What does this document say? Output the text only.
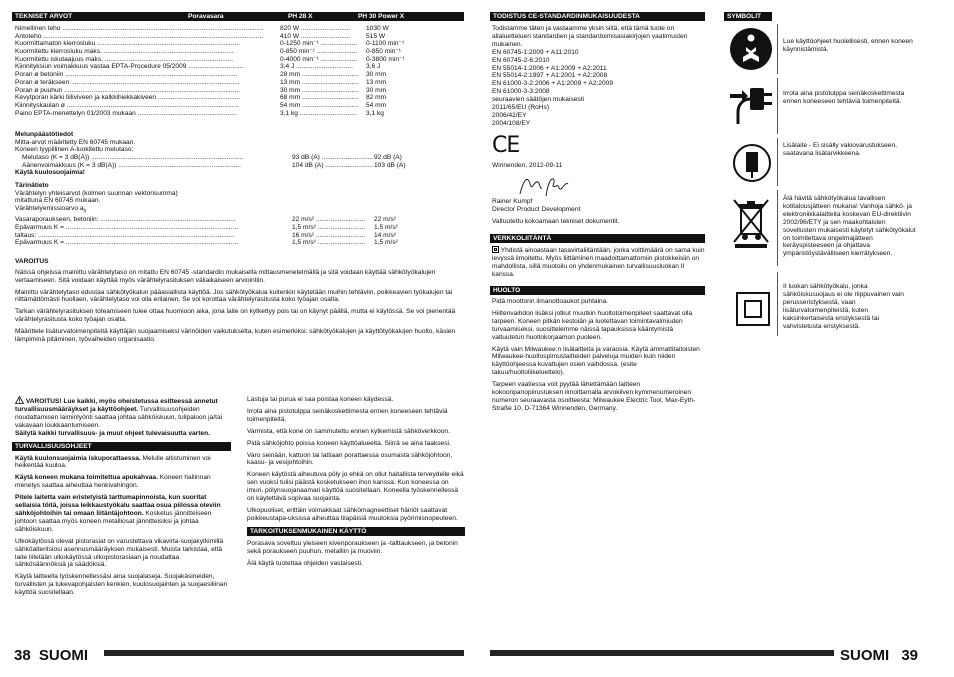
TEKNISET ARVOT	Poravasara	PH 28 X	PH 30 Power X
Nimellinen teho ..............................................................................................................	820 W ...........................	1030 W
Antoteho ........................................................................................................................	410 W ...........................	515 W
Kuormittamaton kierrosluku ..............................................................................	0-1250 min⁻¹ ....................	0-1100 min⁻¹
Kuormitettu kierrosluku maks. .......................................................................	0-850 min⁻¹ ......................	0-850 min⁻¹
Kuormitettu iskutaajuus maks. ......................................................................	0-4000 min⁻¹ ....................	0-3800 min⁻¹
Kiinnityksiun voimakkuus vastaa EPTA-Procedure 05/2009 ..............................	3,4 J ...............................	3,6 J
Poran ø betoniin ..............................................................................................	28 mm ...............................	30 mm
Poran ø teräkseen ............................................................................................	13 mm ...............................	13 mm
Poran ø puuhun ................................................................................................	30 mm ...............................	30 mm
Kevytporan kärki tiiliviveen ja kalkkihiekkakiveen .............................................	68 mm ...............................	82 mm
Kiinnityskaulan ø ..............................................................................................	54 mm ...............................	54 mm
Paino EPTA-menettelyn 01/2003 mukaan ......................................................	3,1 kg ...............................	3,1 kg
Melunpäästötiedot
Mitta-arvot määritetty EN 60745 mukaan.
Koneen tyypillinen A-luokitettu melutaso:
Melutaso (K = 3 dB(A)) ...................................................................................	93 dB (A) ............................ 92 dB (A)
Äänenvoimakkuus (K = 3 dB(A)) ...................................................................	104 dB (A) .......................... 103 dB (A)
Käytä kuulosuojaimia!
Tärinätieto
Värähtelyn yhteisarvot (kolmen suunnan vektorisumma)
mitattuna EN 60745 mukaan.
Värähtelyemissioarvo $a_h$
Vasaraporaukseen, betoniin: ..........................................................................	22 m/s² ...........................	22 m/s²
Epävarmuus K = ..............................................................................................	1,5 m/s² ..........................	1,5 m/s²
taltaus: ...........................................................................................................	16 m/s² ...........................	14 m/s²
Epävarmuus K = ..............................................................................................	1,5 m/s² ..........................	1,5 m/s²
VAROITUS
Näissä ohjeissa mainittu värähtelytaso on mitattu EN 60745 -standardin mukaisella mittausmenetelmällä ja sitä voidaan käyttää sähkötyökalujen vertaamiseen. Sitä voidaan käyttää myös värähtelyrasituksen väliaikaiseen arviointiin.
Mainittu värähtelytaso edustaa sähkötyökalun pääasiallista käyttöä. Jos sähkötyökalua kuitenkin käytetään muihin tehtäviin, poikkeavien työkalujen tai riittämättömästi huollaen, värähtelytaso voi olla erilainen. Se voi korottaa värähtelyrasitusta koko työajan osalta.
Tarkan värähtelyrasituksen toteamiseen tulee ottaa huomioon aika, jona laite on kytkettyy pois tai on käynyt päällä, mutta ei käytössä. Se voi pienentää värähtelyrasitusta koko työajan osalta.
Määrittele lisäturvatoimenpiteitä käyttäjän suojaamiseksi värinöiden vaikutukselta, kuten esimerkiksi: sähkötyökalujen ja käyttötyökalujen huolto, käsien lämpiminä pitäminen, työvaiheiden organisaatio.
VAROITUS! Lue kaikki, myös oheistetussa esitteessä annetut turvallisuusmääräykset ja käyttöohjeet. Turvallisuusohjeiden noudattamisen laiminlyönti saattaa johtaa sähköiskuun, tulipaloon ja/tai vakavaan loukkaantumiseen.
Säilytä kaikki turvallisuus- ja muut ohjeet tulevaisuutta varten.
TURVALLISUUSOHJEET
Käytä kuulonsuojaimia iskuporattaessa. Melulle altistuminen voi heikentää kuuloa.
Käytä koneen mukana toimitettua apukahvaa. Koneen hallinnan menetys saattaa aiheuttaa henkivahingon.
Pitele laitetta vain eristetyistä tarttumapinnoista, kun suoritat sellaisia töitä, joissa leikkaustyökalu saattaa osua piilossa oleviin sähköjohtoihin tai omaan liitäntäjohtoon. Kosketus jännitteiseen johtoon saattaa myös koneen metalliosat jännitteisiksi ja johtaa sähköiskuun.
Ulkokäytössä olevat pistorasiat on varustettava vikavirta-suojakytkimillä sähköalteritsiosi asennusmääräyksen mukaisesti. Muista tarkistaa, että laite liitetään ulkokäytössä ulkopistorasiaan ja noudattaa sähkösäännöksiä ja säädöksiä.
Käytä laitteella työskennellessäsi aina suojalaseja. Suojakäsineiden, turvallisten ja tukevapohjaisten kenkien, kuulosuojainten ja suojaesiliinan käyttöä suositellaan.
Lastuja tai purua ei saa poistaa koneen käydessä.
Irrota aina pistotulppa seinäkoskettimesta ennen koneeseen tehtäviä toimenpiteitä.
Varmista, että kone on sammutettu ennen kytkemistä sähköverkkoon.
Pidä sähköjohto poissa koneen käyttöalueelta. Siirrä se aina taaksesi.
Varo seinään, kattoon tai lattiaan porattaessa osumasta sähköjohtoon, kaasu- ja vesijohtoihin.
Koneen käytöstä aiheutuva pöly jo ehkä on ollut haitallista terveydelle eikä sen vuoksi tulisi päästä kosketukseen ihon kanssa. Kun koneessa on imuri, pölynsuojanaamari käyttöä suositellaan. Koneella työskennellessä on käytettävä sopivaa suojainta.
Ulkopuoliset, erittäin voimakkaat sähkömagneettiset häiriöt saattavat poikkeustapa-uksissa aiheuttaa tilapäisiä muutoksia pyörimisnopeuteen.
TARKOITUKSENMUKAINEN KÄYTTÖ
Porasava soveltuu yleiseen kivenporaukseen ja -talttaukseen, ja betonin sekä poraukseen puuhun, metalliin ja muoviin.
Älä käytä tuotettaa ohjeiden vastaisesti.
38 SUOMI
TODISTUS CE-STANDARDINMUKAISUUDESTA
Todistamme täten ja vastaamme yksin siitä, että tämä tuote on allaluetteluen standardien ja standardoimisasiakirjojen vaatimusten mukainen.
EN 60745-1:2009 + A11:2010
EN 60745-2-6:2010
EN 55014-1:2006 + A1:2009 + A2:2011
EN 55014-2:1997 + A1:2001 + A2:2008
EN 61000-3-2:2006 + A1:2009 + A2:2009
EN 61000-3-3:2008
seuraavien säätöjen mukaisesti
2011/65/EU (RoHs)
2006/42/EY
2004/108/EY
CE
Winnenden, 2012-09-11
Rainer Kumpf
Director Product Development
Valtuutettu kokoamaan tekniset dokumentit.
VERKKOLIITÄNTÄ
Yhdistä ainoastaan tasavirtaliitäntään, jonka volttimäärä on sama kuin levyssä ilmoitettu. Myös liittäminen maadoittamattomiin pistokkeisiin on mahdollista, sillä muotoilu on yhdenmukainen turvallisuusluokan II kanssa.
HUOLTO
Pidä moottorin ilmanottoaukot puhtaina.
Hiiltenvaihdon lisäksi jotkut muutkin huoltotoimenpiteet saattavat olla tarpeen. Koneen pitkän kestoiän ja luotettavan toimintavalmiuden turvaamiseksi, suosittelemme näissä tapauksissa kääntymistä valtuutetun huoltokorjaamon puoleen.
Käytä vain Milwaukee:n lisälaitteita ja varaosia. Käytä ammattitaitoisten Milwaukee-huoltospimuslaitteiden palveluja muiden kuin niiden käyttöohjeessa kuvattujen osien vaihdossa. (esite takuu/huoltoliikeluettelo).
Tarpeen vaatiessa voit pyytää lähettämään laitteen kokoonpanopiirustuksen ilmoittamalla arvokilven kymmenumeroinen numeron seuraavasta osoitteesta: Milwaukee Electric Tool, Max-Eyth-Straße 10, D-71364 Winnenden, Germany.
SYMBOLIT
Lue käyttöohjeet huolellisesti, ennen koneen käynnistämistä.
Irrota aina pistotulppa seinäkoskettimesta ennen koneeseen tehtäviä toimenpiteitä.
Lisälaite - Ei sisälly vakiovarustukseen, saatavana lisätarvikkeena.
Älä hävitä sähkötyökalua tavallisen kotitalousjätteen mukana! Vanhoja sähkö- ja elektroniikkalaitteita koskevan EU-direktiivin 2002/96/ETY ja sen maakohtaisten sovellusten mukaisesti käytetyt sähkötyökalut on toimitettava ongelmajätteen keräyspisteeseen ja ohjattava ympäristöystävälliseen kierrätykseen.
II luokan sähkötyökalu, jonka sähköiskusuojaus ei ole riippuvainen vain perusseristyksestä, vaan lisäturvatoimenpiteistä, kuten kaksinkertaisesta eristyksestä tai vahvistetusta eristyksestä.
SUOMI 39
